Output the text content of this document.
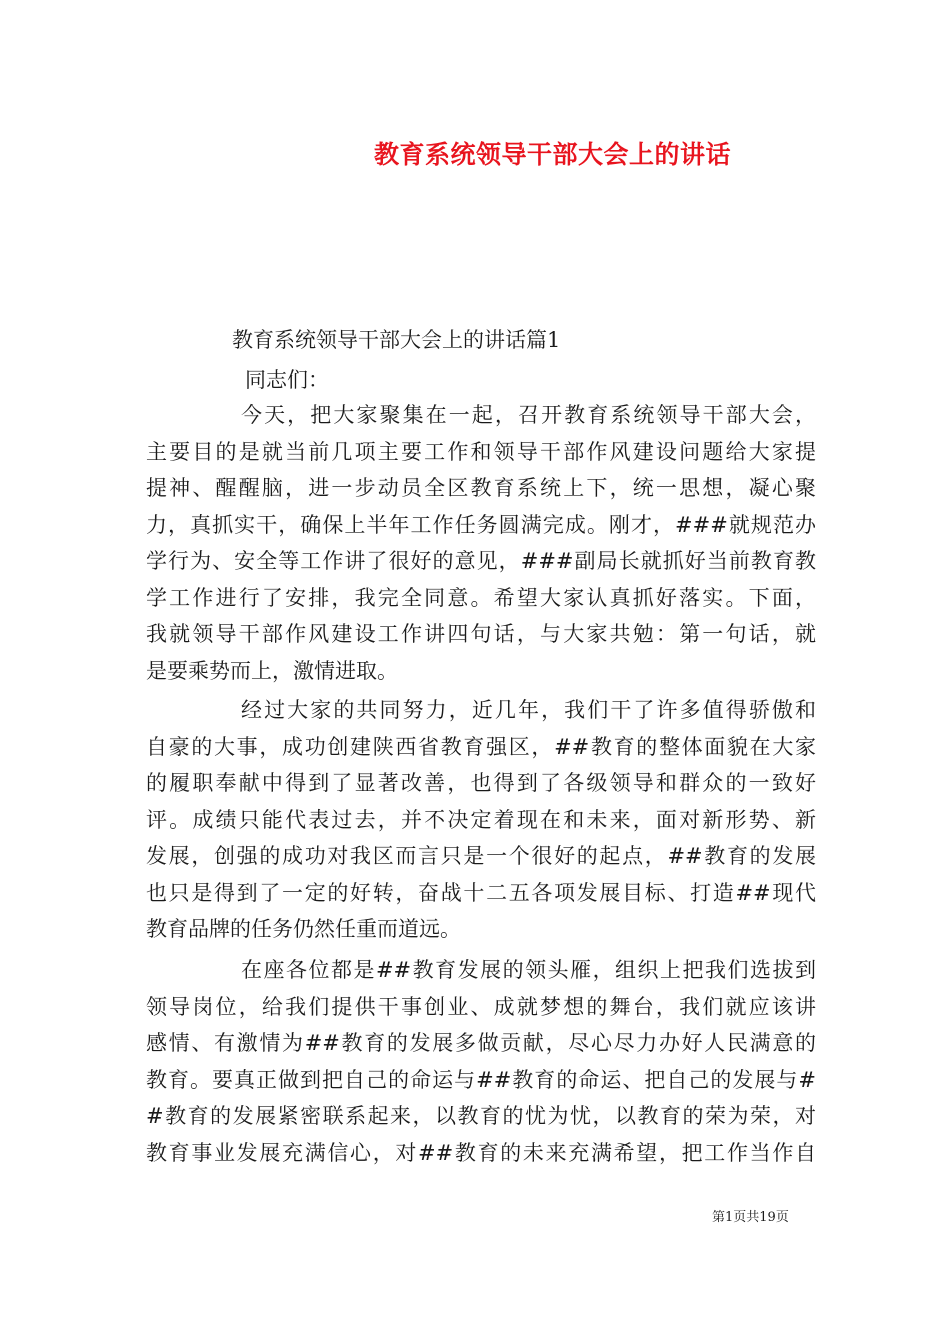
教育系统领导干部大会上的讲话

教育系统领导干部大会上的讲话篇1

同志们：

今天，把大家聚集在一起，召开教育系统领导干部大会，
主要目的是就当前几项主要工作和领导干部作风建设问题给大家提
提神、醒醒脑，进一步动员全区教育系统上下，统一思想，凝心聚
力，真抓实干，确保上半年工作任务圆满完成。刚才，###就规范办
学行为、安全等工作讲了很好的意见，###副局长就抓好当前教育教
学工作进行了安排，我完全同意。希望大家认真抓好落实。下面，
我就领导干部作风建设工作讲四句话，与大家共勉：第一句话，就
是要乘势而上，激情进取。
经过大家的共同努力，近几年，我们干了许多值得骄傲和
自豪的大事，成功创建陕西省教育强区，##教育的整体面貌在大家
的履职奉献中得到了显著改善，也得到了各级领导和群众的一致好
评。成绩只能代表过去，并不决定着现在和未来，面对新形势、新
发展，创强的成功对我区而言只是一个很好的起点，##教育的发展
也只是得到了一定的好转，奋战十二五各项发展目标、打造##现代
教育品牌的任务仍然任重而道远。
在座各位都是##教育发展的领头雁，组织上把我们选拔到
领导岗位，给我们提供干事创业、成就梦想的舞台，我们就应该讲
感情、有激情为##教育的发展多做贡献，尽心尽力办好人民满意的
教育。要真正做到把自己的命运与##教育的命运、把自己的发展与#
#教育的发展紧密联系起来，以教育的忧为忧，以教育的荣为荣，对
教育事业发展充满信心，对##教育的未来充满希望，把工作当作自

第1页共19页
